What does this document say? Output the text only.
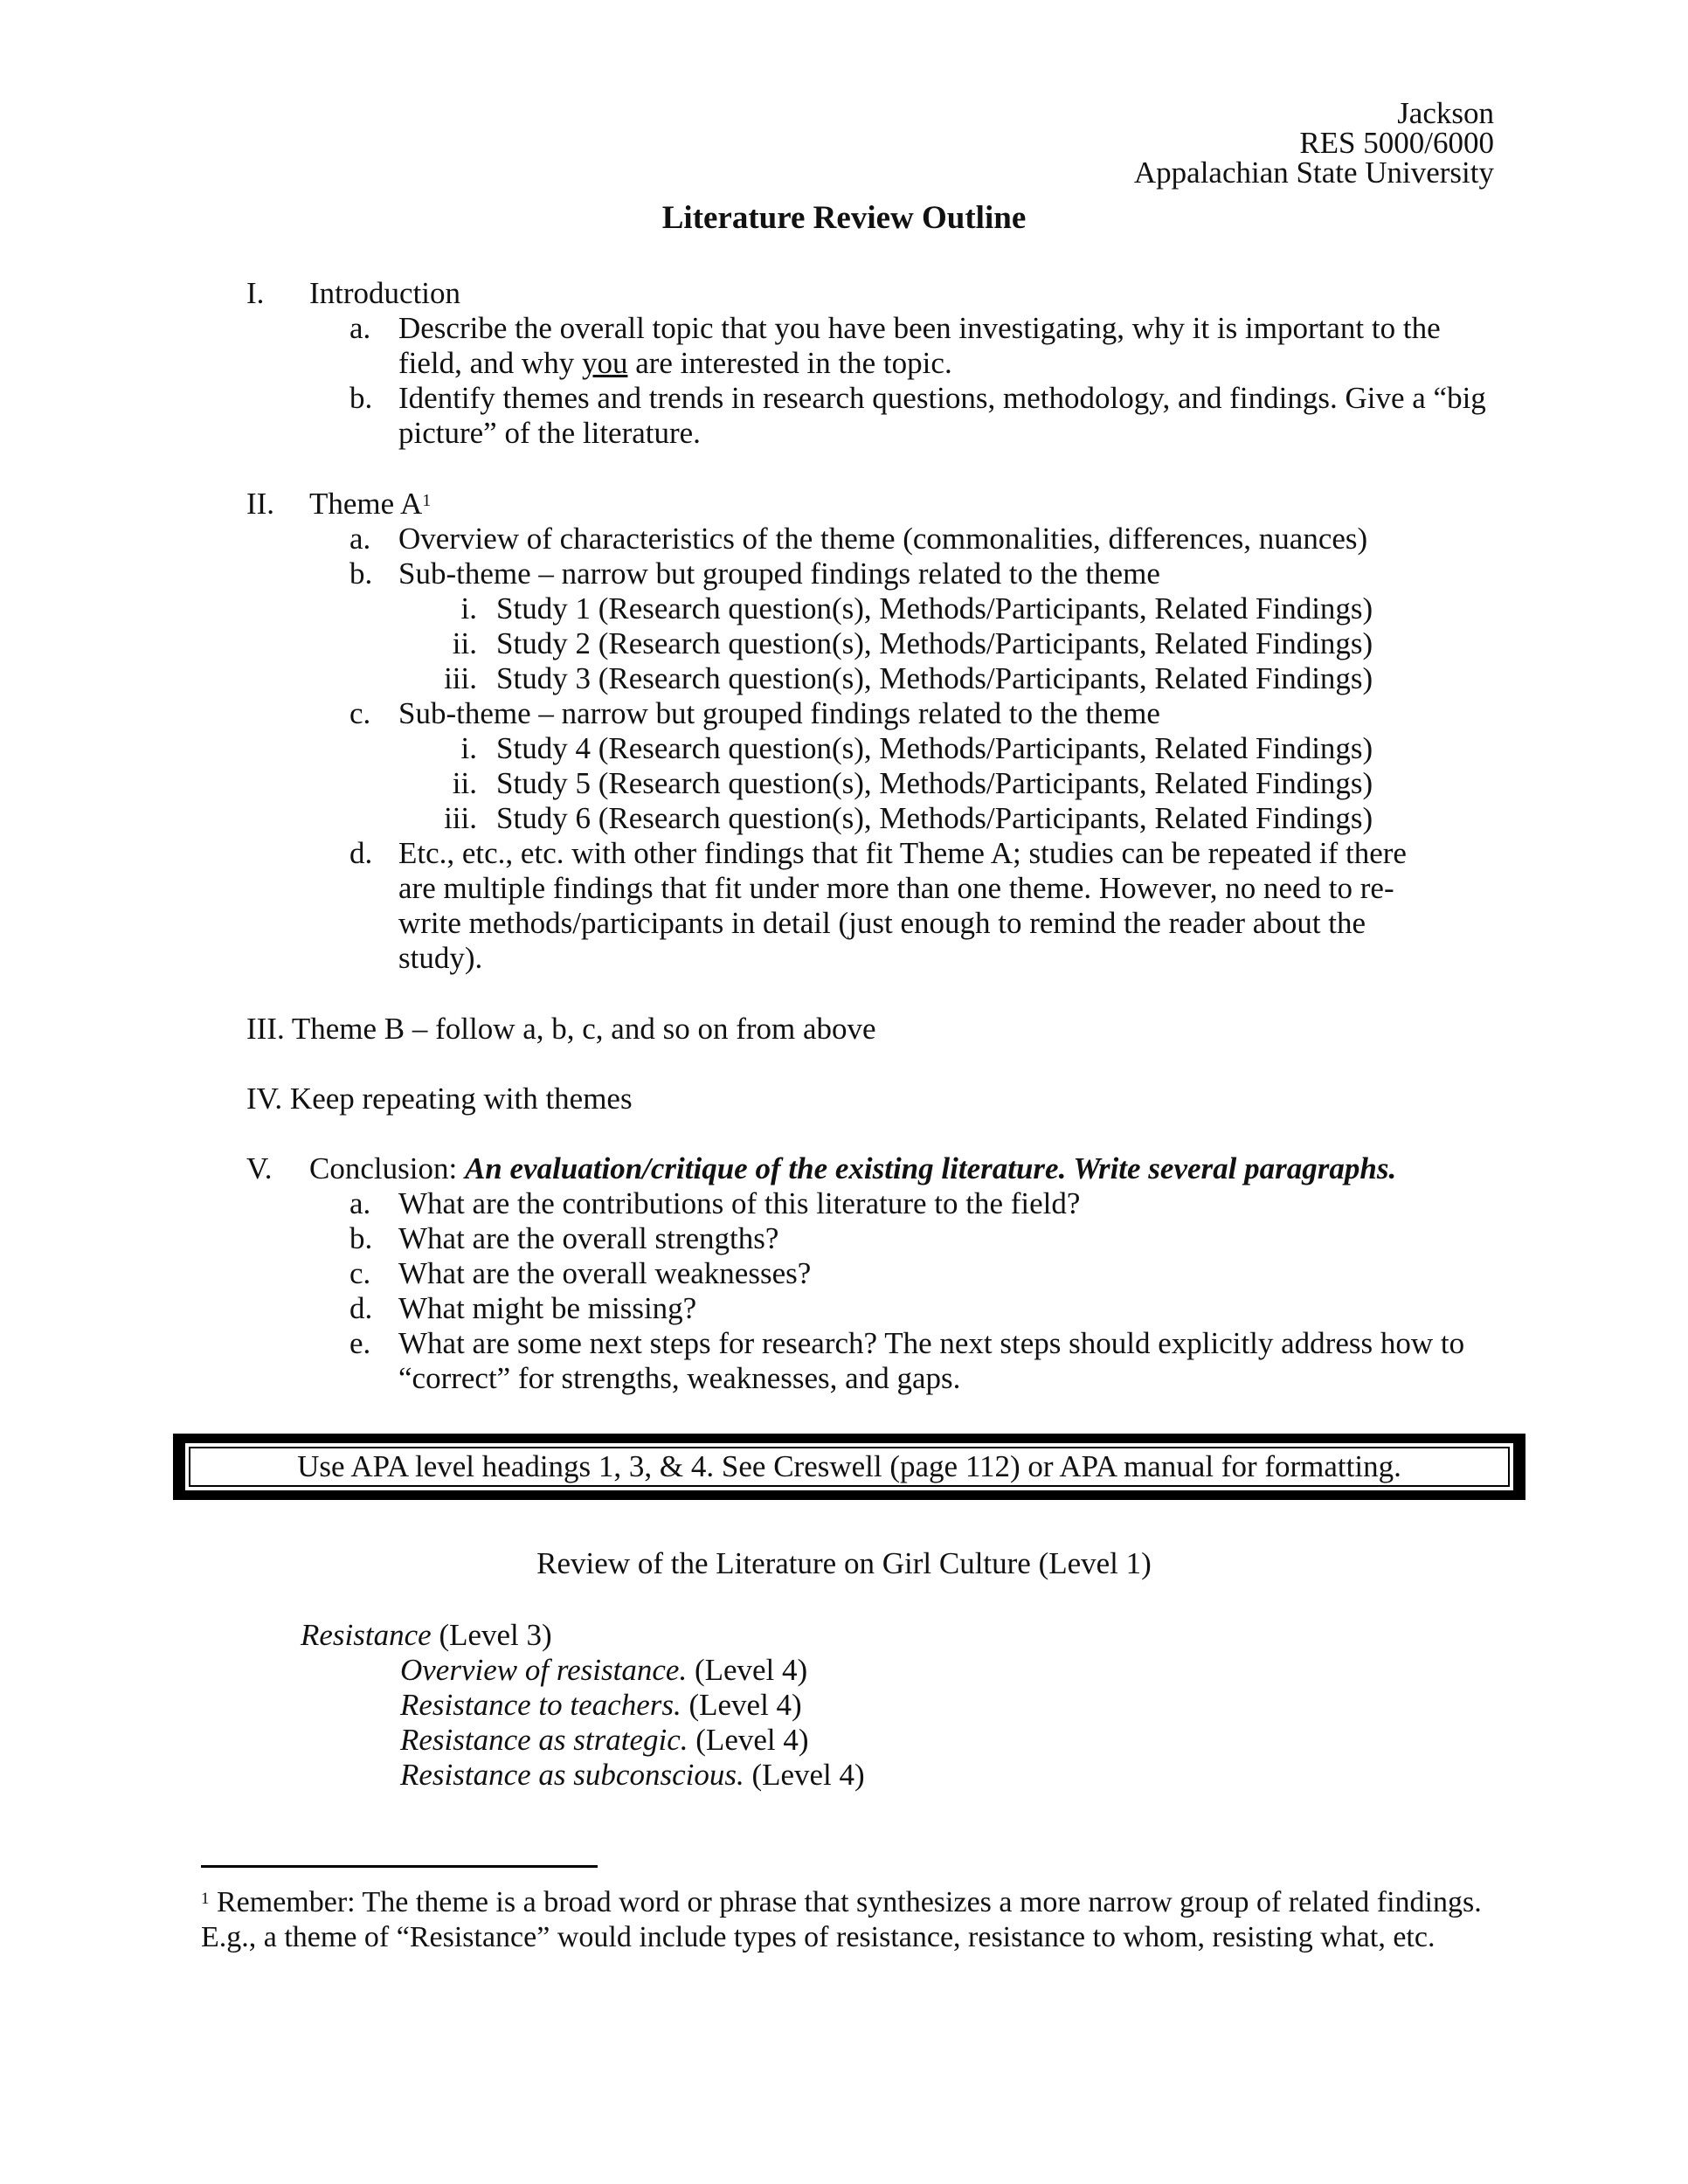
Jackson
RES 5000/6000
Appalachian State University
Literature Review Outline
I. Introduction
a. Describe the overall topic that you have been investigating, why it is important to the field, and why you are interested in the topic.
b. Identify themes and trends in research questions, methodology, and findings. Give a “big picture” of the literature.
II. Theme $A^1$
a. Overview of characteristics of the theme (commonalities, differences, nuances)
b. Sub-theme – narrow but grouped findings related to the theme
i. Study 1 (Research question(s), Methods/Participants, Related Findings)
ii. Study 2 (Research question(s), Methods/Participants, Related Findings)
iii. Study 3 (Research question(s), Methods/Participants, Related Findings)
c. Sub-theme – narrow but grouped findings related to the theme
i. Study 4 (Research question(s), Methods/Participants, Related Findings)
ii. Study 5 (Research question(s), Methods/Participants, Related Findings)
iii. Study 6 (Research question(s), Methods/Participants, Related Findings)
d. Etc., etc., etc. with other findings that fit Theme A; studies can be repeated if there are multiple findings that fit under more than one theme. However, no need to re-write methods/participants in detail (just enough to remind the reader about the study).
III. Theme B – follow a, b, c, and so on from above
IV. Keep repeating with themes
V. Conclusion: An evaluation/critique of the existing literature. Write several paragraphs.
a. What are the contributions of this literature to the field?
b. What are the overall strengths?
c. What are the overall weaknesses?
d. What might be missing?
e. What are some next steps for research? The next steps should explicitly address how to “correct” for strengths, weaknesses, and gaps.
Use APA level headings 1, 3, & 4. See Creswell (page 112) or APA manual for formatting.
Review of the Literature on Girl Culture (Level 1)
Resistance (Level 3)
Overview of resistance. (Level 4)
Resistance to teachers. (Level 4)
Resistance as strategic. (Level 4)
Resistance as subconscious. (Level 4)
$^1$ Remember: The theme is a broad word or phrase that synthesizes a more narrow group of related findings. E.g., a theme of “Resistance” would include types of resistance, resistance to whom, resisting what, etc.
